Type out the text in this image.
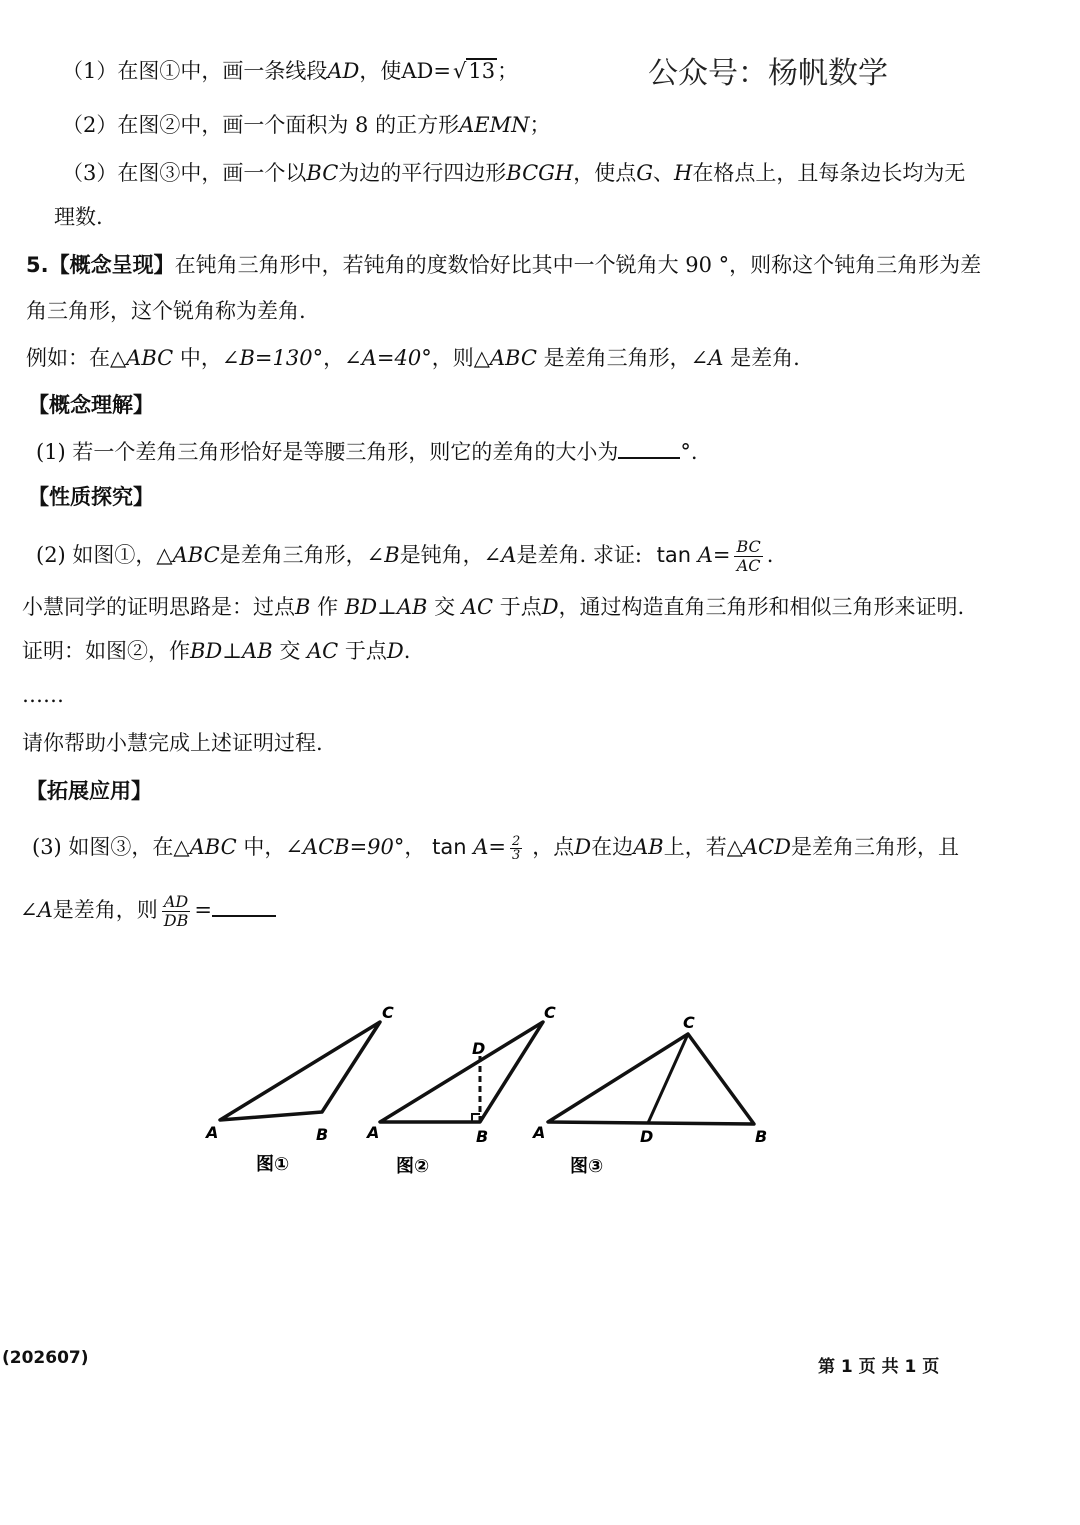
公众号：杨帆数学
（1）在图①中，画一条线段AD，使AD=√13；
（2）在图②中，画一个面积为 8 的正方形AEMN；
（3）在图③中，画一个以BC为边的平行四边形BCGH，使点G、H在格点上，且每条边长均为无
理数.
5.【概念呈现】在钝角三角形中，若钝角的度数恰好比其中一个锐角大 90 °，则称这个钝角三角形为差
角三角形，这个锐角称为差角.
例如：在△ABC 中，∠B=130°，∠A=40°，则△ABC 是差角三角形，∠A 是差角.
【概念理解】
(1) 若一个差角三角形恰好是等腰三角形，则它的差角的大小为	°.
【性质探究】
(2) 如图①，△ABC是差角三角形，∠B是钝角，∠A是差角. 求证: $\tan A= \frac{BC}{AC}$ .
小慧同学的证明思路是：过点B 作 BD⊥AB 交 AC 于点D，通过构造直角三角形和相似三角形来证明.
证明：如图②，作BD⊥AB 交 AC 于点D.
……
请你帮助小慧完成上述证明过程.
【拓展应用】
(3) 如图③，在△ABC 中，∠ACB=90°， $\tan A= \frac{2}{3}$ ，点D在边AB上，若△ACD是差角三角形，且
∠A是差角，则 $\frac{AD}{DB}$ =
A	B
C
图①
A	B
C
D
图②
A	B
C
D
图③
(202607)	第 1 页 共 1 页
